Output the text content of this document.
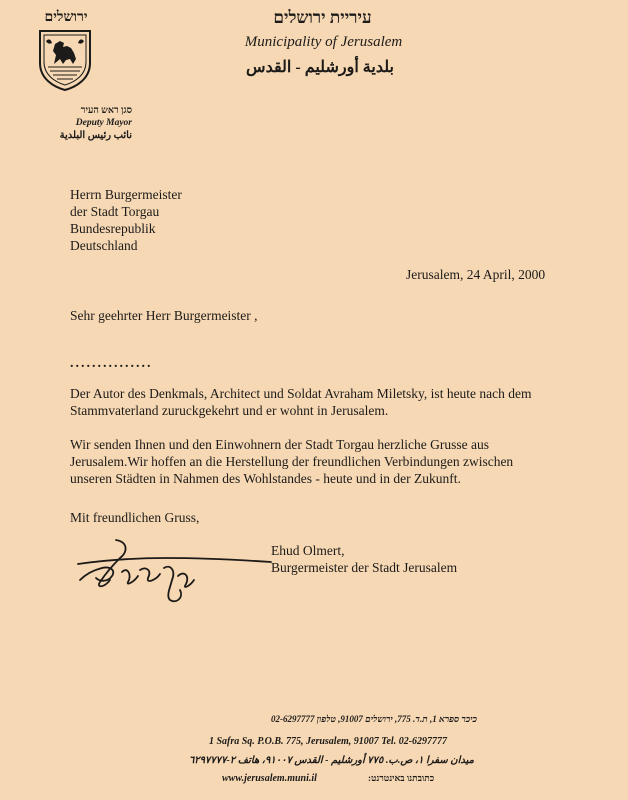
ירושלים	עיריית ירושלים
Municipality of Jerusalem
بلدية أورشليم - القدس
סגן ראש העיר
Deputy Mayor
نائب رئيس البلدية
Herrn Burgermeister
der Stadt Torgau
Bundesrepublik
Deutschland
Jerusalem, 24 April, 2000
Sehr geehrter Herr Burgermeister ,
...............
Der Autor des Denkmals, Architect und Soldat Avraham Miletsky, ist heute nach dem
Stammvaterland zuruckgekehrt und er wohnt in Jerusalem.
Wir senden Ihnen und den Einwohnern der Stadt Torgau herzliche Grusse aus
Jerusalem.Wir hoffen an die Herstellung der freundlichen Verbindungen zwischen
unseren Städten in Nahmen des Wohlstandes - heute und in der Zukunft.
Mit freundlichen Gruss,
Ehud Olmert,
Burgermeister der Stadt Jerusalem
כיכר ספרא 1, ת.ד. 775, ירושלים 91007, טלפון 02-6297777
1 Safra Sq. P.O.B. 775, Jerusalem, 91007 Tel. 02-6297777
ميدان سفرا ١، ص.ب. ٧٧٥ أورشليم - القدس ٩١٠٠٧، هاتف ٢-٦٢٩٧٧٧٧
www.jerusalem.muni.il	כתובתנו באינטרנט:
